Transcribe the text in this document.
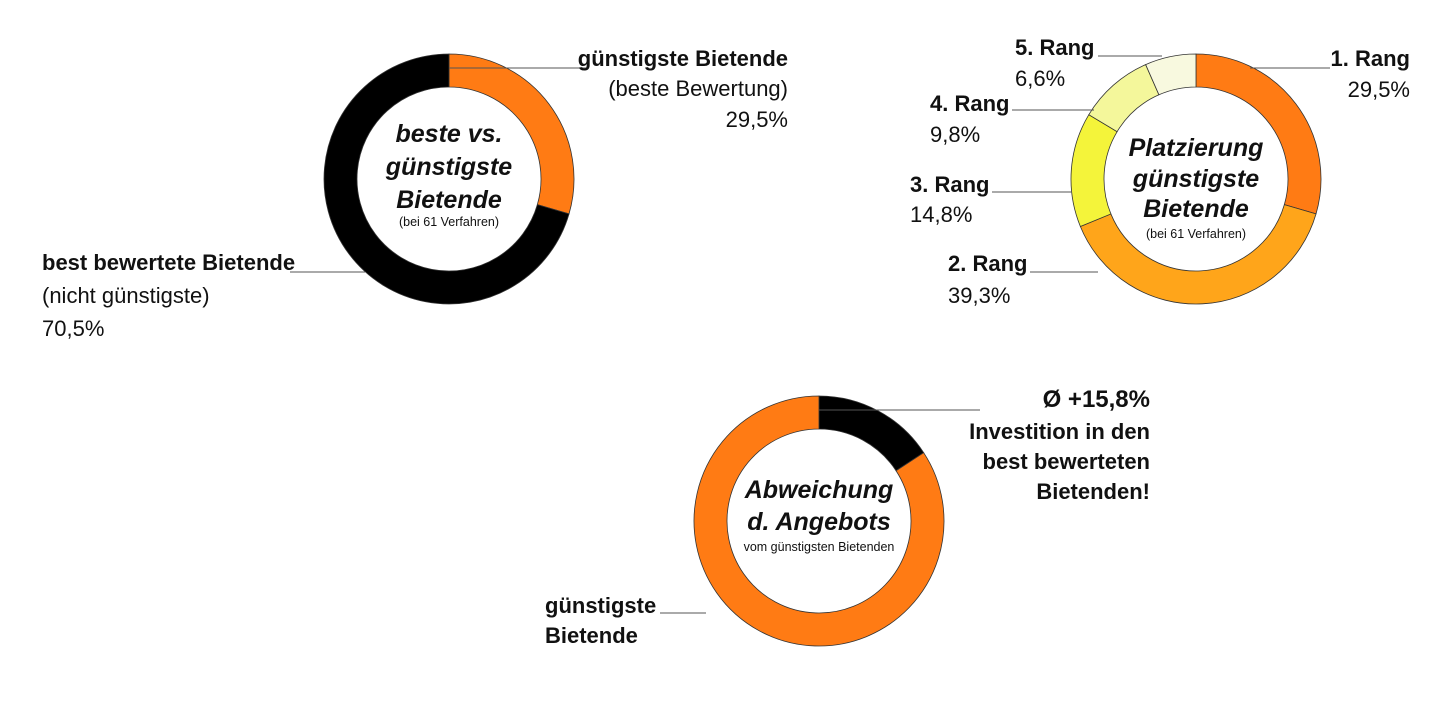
beste vs.
günstigste
Bietende
(bei 61 Verfahren)
günstigste Bietende
(beste Bewertung)
29,5%
best bewertete Bietende
(nicht günstigste)
70,5%
Platzierung
günstigste
Bietende
(bei 61 Verfahren)
1. Rang
29,5%
2. Rang
39,3%
3. Rang
14,8%
4. Rang
9,8%
5. Rang
6,6%
Abweichung
d. Angebots
vom günstigsten Bietenden
Ø +15,8%
Investition in den
best bewerteten
Bietenden!
günstigste
Bietende
